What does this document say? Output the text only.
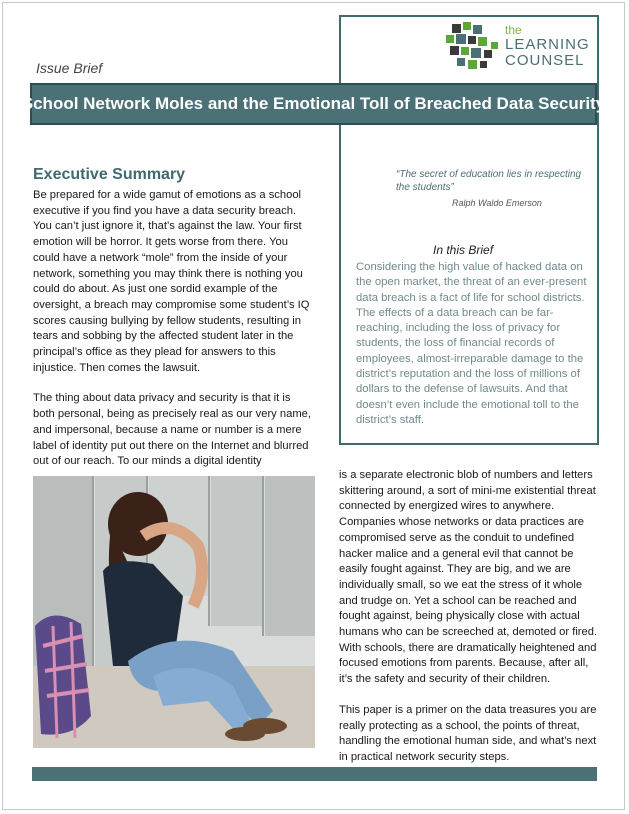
the
LEARNING
COUNSEL
Issue Brief
School Network Moles and the Emotional Toll of Breached Data Security
Executive Summary

Be prepared for a wide gamut of emotions as a school executive if you find you have a data security breach. You can’t just ignore it, that’s against the law. Your first emotion will be horror. It gets worse from there. You could have a network “mole” from the inside of your network, something you may think there is nothing you could do about. As just one sordid example of the oversight, a breach may compromise some student’s IQ scores causing bullying by fellow students, resulting in tears and sobbing by the affected student later in the principal’s office as they plead for answers to this injustice. Then comes the lawsuit.

The thing about data privacy and security is that it is both personal, being as precisely real as our very name, and impersonal, because a name or number is a mere label of identity put out there on the Internet and blurred out of our reach. To our minds a digital identity

“The secret of education lies in respecting the students”
Ralph Waldo Emerson
In this Brief
Considering the high value of hacked data on the open market, the threat of an ever-present data breach is a fact of life for school districts. The effects of a data breach can be far-reaching, including the loss of privacy for students, the loss of financial records of employees, almost-irreparable damage to the district’s reputation and the loss of millions of dollars to the defense of lawsuits. And that doesn’t even include the emotional toll to the district’s staff.

is a separate electronic blob of numbers and letters skittering around, a sort of mini-me existential threat connected by energized wires to anywhere. Companies whose networks or data practices are compromised serve as the conduit to undefined hacker malice and a general evil that cannot be easily fought against. They are big, and we are individually small, so we eat the stress of it whole and trudge on. Yet a school can be reached and fought against, being physically close with actual humans who can be screeched at, demoted or fired. With schools, there are dramatically heightened and focused emotions from parents. Because, after all, it’s the safety and security of their children.

This paper is a primer on the data treasures you are really protecting as a school, the points of threat, handling the emotional human side, and what’s next in practical network security steps.
